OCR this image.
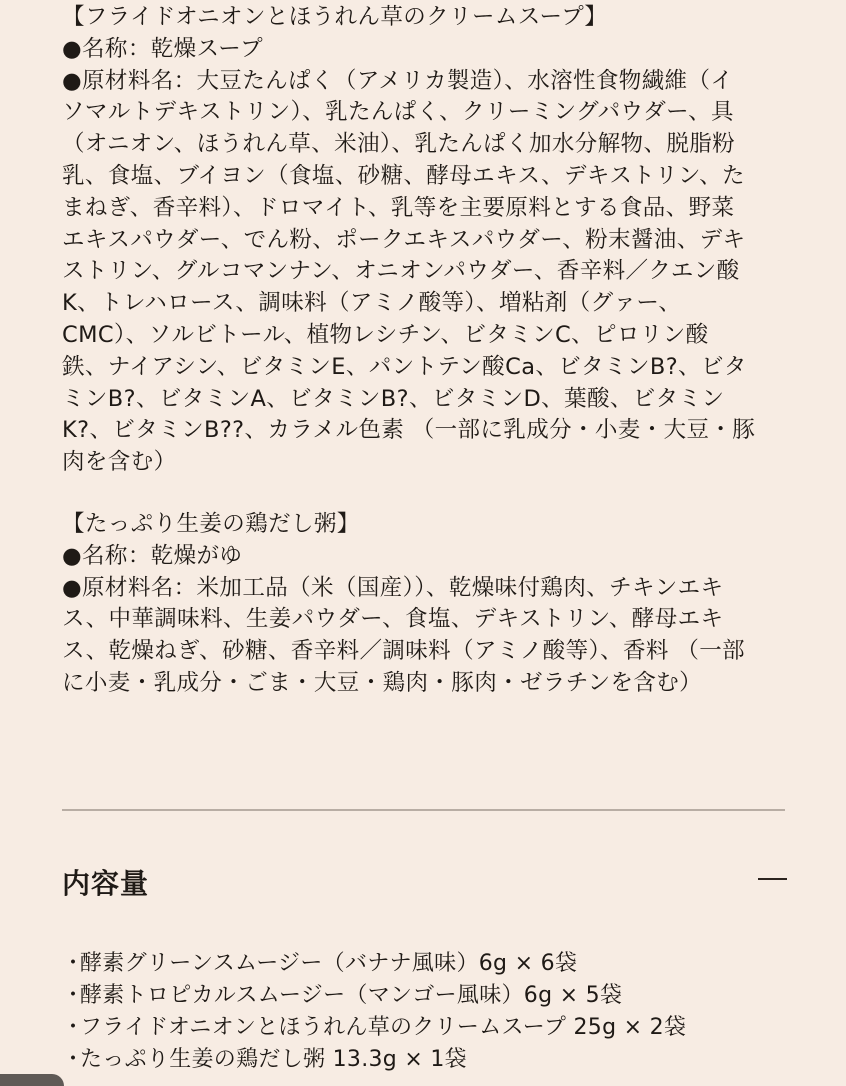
【フライドオニオンとほうれん草のクリームスープ】

●名称：乾燥スープ

●原材料名：大豆たんぱく（アメリカ製造）、水溶性食物繊維（イ

ソマルトデキストリン）、乳たんぱく、クリーミングパウダー、具

（オニオン、ほうれん草、米油）、乳たんぱく加水分解物、脱脂粉

乳、食塩、ブイヨン（食塩、砂糖、酵母エキス、デキストリン、た

まねぎ、香辛料）、ドロマイト、乳等を主要原料とする食品、野菜

エキスパウダー、でん粉、ポークエキスパウダー、粉末醤油、デキ

ストリン、グルコマンナン、オニオンパウダー、香辛料／クエン酸

K、トレハロース、調味料（アミノ酸等）、増粘剤（グァー、

CMC）、ソルビトール、植物レシチン、ビタミンC、ピロリン酸

鉄、ナイアシン、ビタミンE、パントテン酸Ca、ビタミンB?、ビタ

ミンB?、ビタミンA、ビタミンB?、ビタミンD、葉酸、ビタミン

K?、ビタミンB??、カラメル色素 （一部に乳成分・小麦・大豆・豚

肉を含む）

【たっぷり生姜の鶏だし粥】

●名称：乾燥がゆ

●原材料名：米加工品（米（国産））、乾燥味付鶏肉、チキンエキ

ス、中華調味料、生姜パウダー、食塩、デキストリン、酵母エキ

ス、乾燥ねぎ、砂糖、香辛料／調味料（アミノ酸等）、香料 （一部

に小麦・乳成分・ごま・大豆・鶏肉・豚肉・ゼラチンを含む）

内容量
・
酵素グリーンスムージー（バナナ風味）6g × 6袋
・
酵素トロピカルスムージー（マンゴー風味）6g × 5袋
・
フライドオニオンとほうれん草のクリームスープ 25g × 2袋
・
たっぷり生姜の鶏だし粥 13.3g × 1袋
